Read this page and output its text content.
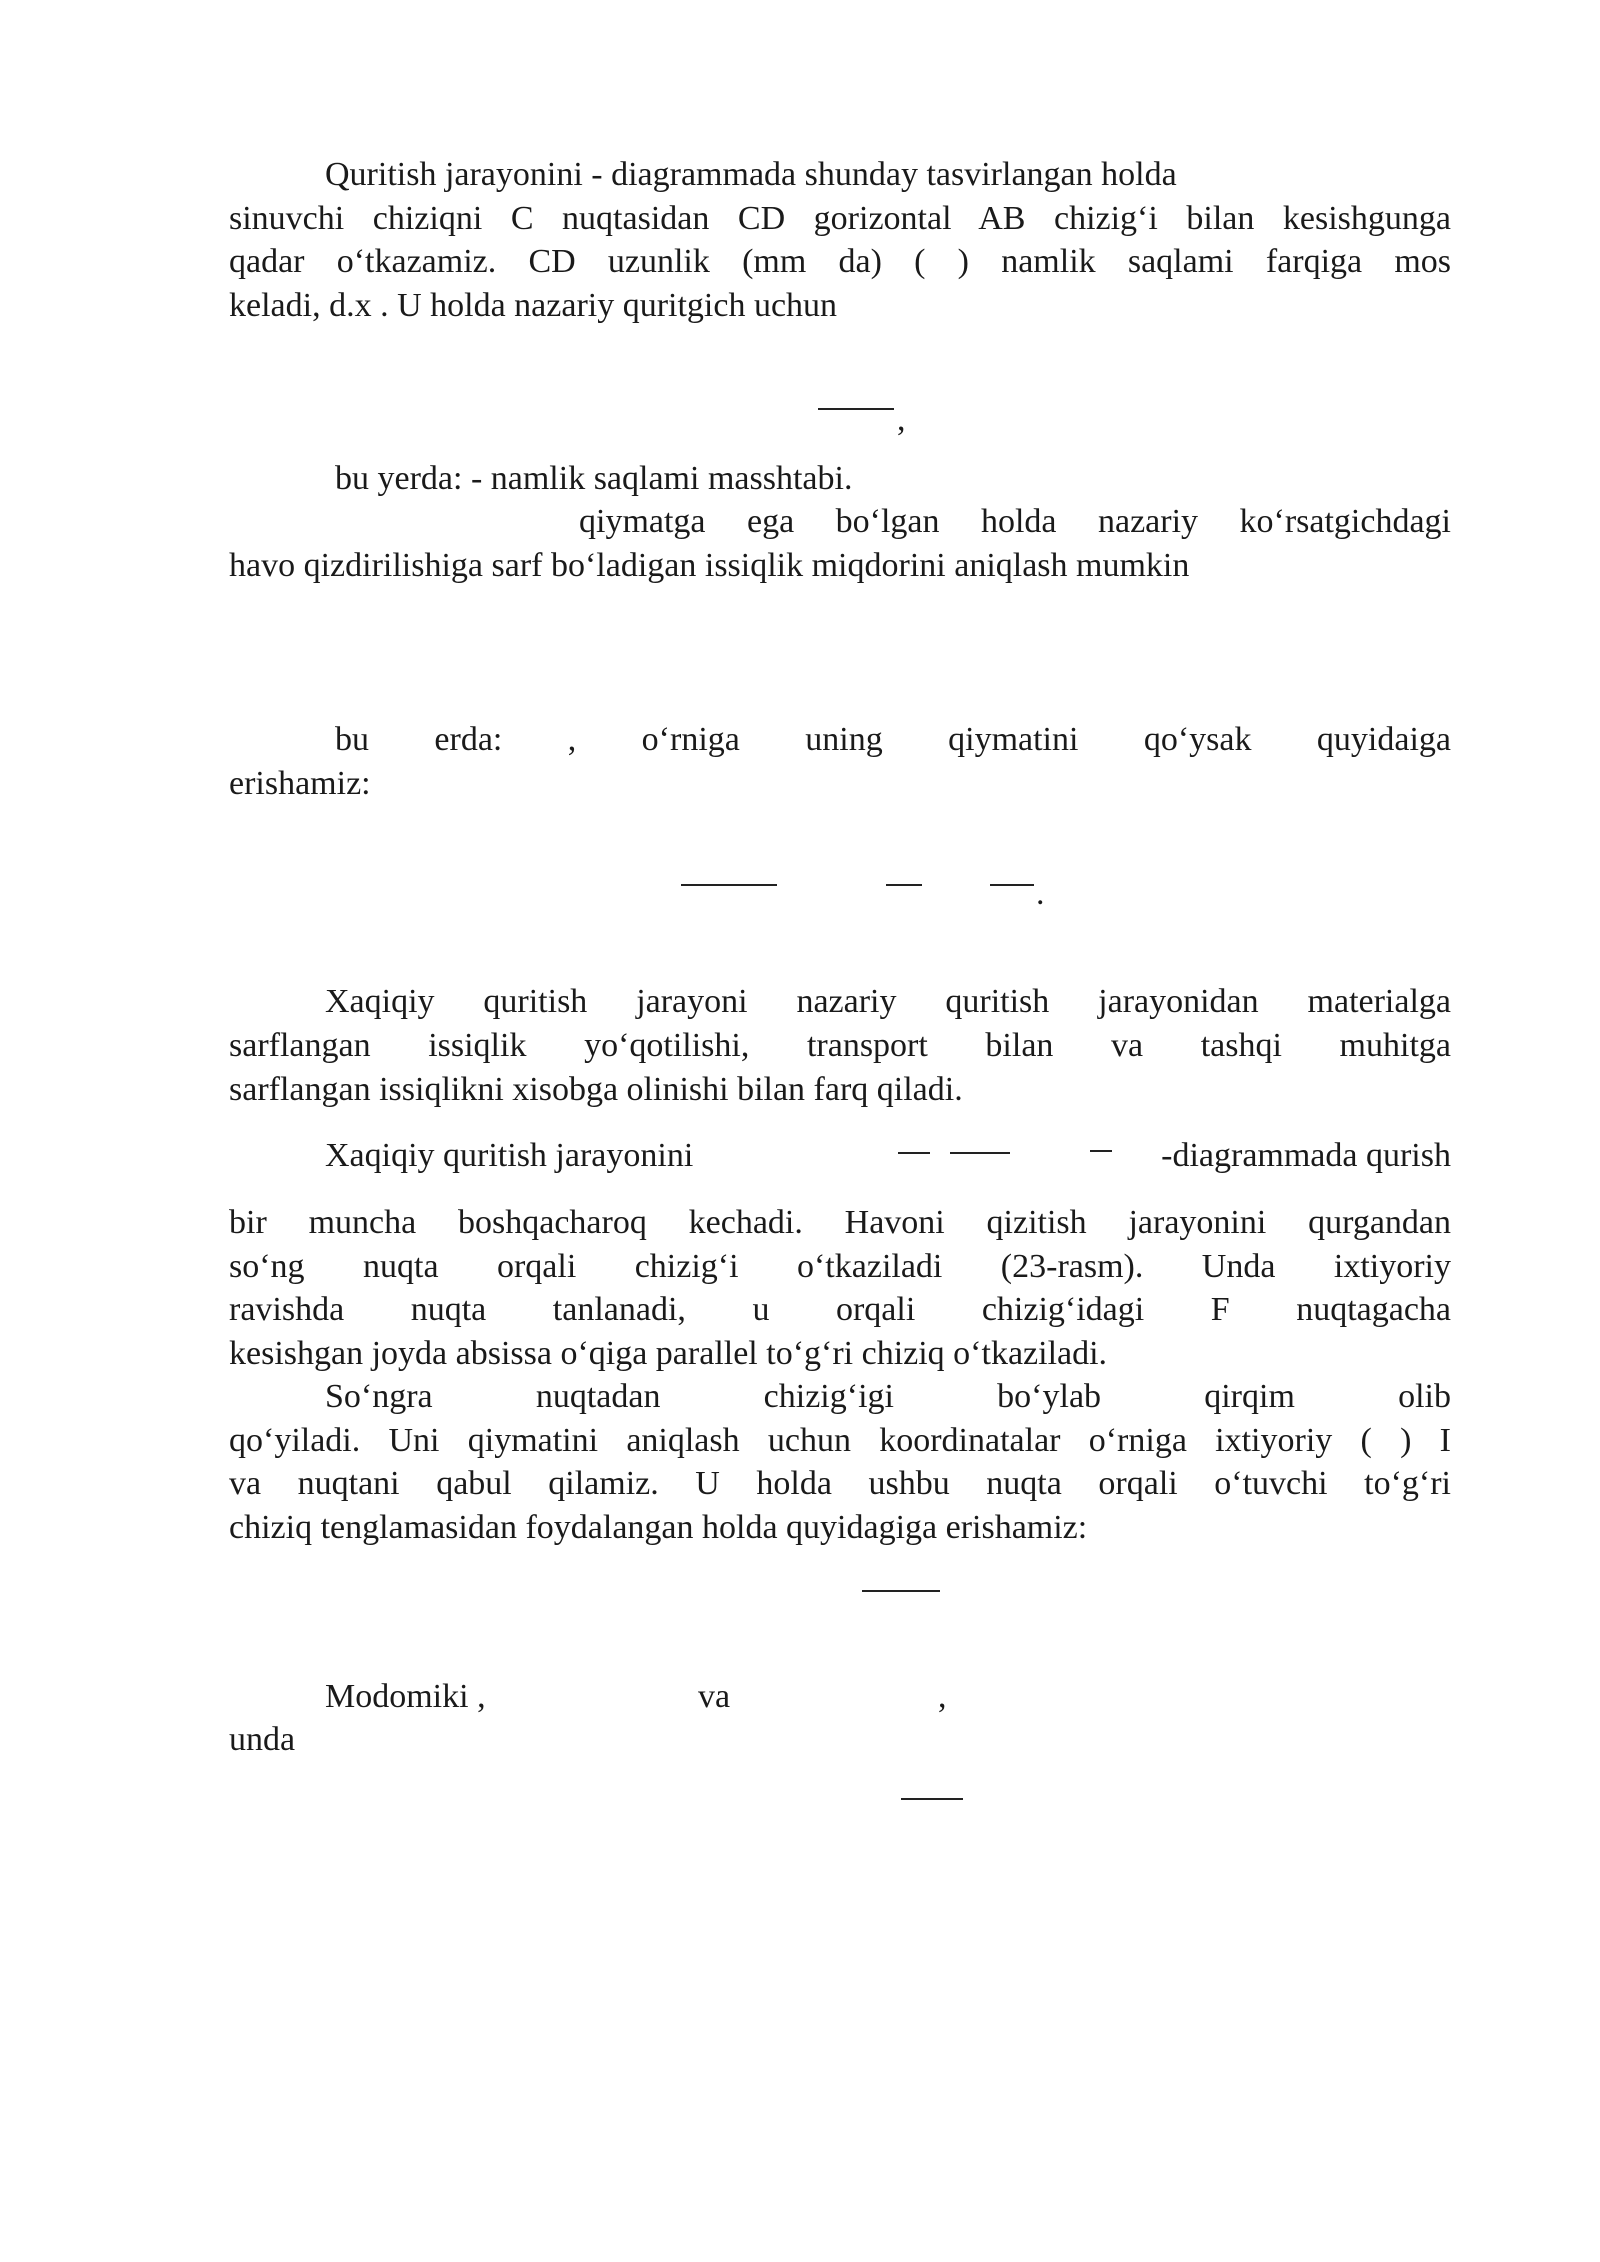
Quritish jarayonini - diagrammada shunday tasvirlangan holda
sinuvchi chiziqni C nuqtasidan CD gorizontal AB chizig‘i bilan kesishgunga
qadar o‘tkazamiz. CD uzunlik (mm da) ( ) namlik saqlami farqiga mos
keladi, d.x . U holda nazariy quritgich uchun
,
bu yerda: - namlik saqlami masshtabi.
qiymatga ega bo‘lgan holda nazariy ko‘rsatgichdagi
havo qizdirilishiga sarf bo‘ladigan issiqlik miqdorini aniqlash mumkin
bu erda: , o‘rniga uning qiymatini qo‘ysak quyidaiga
erishamiz:
.
Xaqiqiy quritish jarayoni nazariy quritish jarayonidan materialga
sarflangan issiqlik yo‘qotilishi, transport bilan va tashqi muhitga
sarflangan issiqlikni xisobga olinishi bilan farq qiladi.
Xaqiqiy quritish jarayonini	-diagrammada qurish
bir muncha boshqacharoq kechadi. Havoni qizitish jarayonini qurgandan
so‘ng nuqta orqali chizig‘i o‘tkaziladi (23-rasm). Unda ixtiyoriy
ravishda nuqta tanlanadi, u orqali chizig‘idagi F nuqtagacha
kesishgan joyda absissa o‘qiga parallel to‘g‘ri chiziq o‘tkaziladi.
So‘ngra nuqtadan chizig‘igi bo‘ylab qirqim olib
qo‘yiladi. Uni qiymatini aniqlash uchun koordinatalar o‘rniga ixtiyoriy ( ) I
va nuqtani qabul qilamiz. U holda ushbu nuqta orqali o‘tuvchi to‘g‘ri
chiziq tenglamasidan foydalangan holda quyidagiga erishamiz:
Modomiki ,	va	,
unda
